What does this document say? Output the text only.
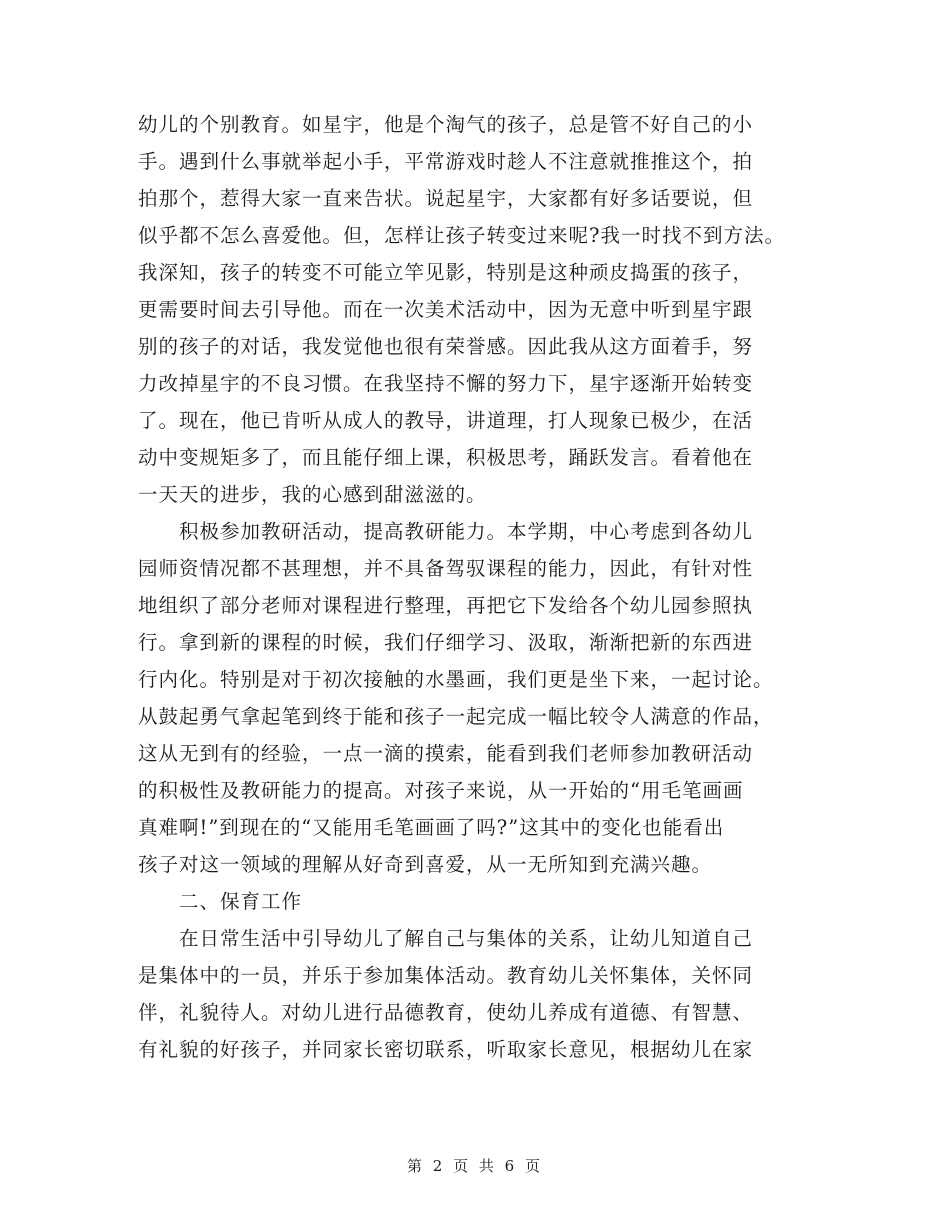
幼儿的个别教育。如星宇，他是个淘气的孩子，总是管不好自己的小
手。遇到什么事就举起小手，平常游戏时趁人不注意就推推这个，拍
拍那个，惹得大家一直来告状。说起星宇，大家都有好多话要说，但
似乎都不怎么喜爱他。但，怎样让孩子转变过来呢?我一时找不到方法。
我深知，孩子的转变不可能立竿见影，特别是这种顽皮捣蛋的孩子，
更需要时间去引导他。而在一次美术活动中，因为无意中听到星宇跟
别的孩子的对话，我发觉他也很有荣誉感。因此我从这方面着手，努
力改掉星宇的不良习惯。在我坚持不懈的努力下，星宇逐渐开始转变
了。现在，他已肯听从成人的教导，讲道理，打人现象已极少，在活
动中变规矩多了，而且能仔细上课，积极思考，踊跃发言。看着他在
一天天的进步，我的心感到甜滋滋的。
　　积极参加教研活动，提高教研能力。本学期，中心考虑到各幼儿
园师资情况都不甚理想，并不具备驾驭课程的能力，因此，有针对性
地组织了部分老师对课程进行整理，再把它下发给各个幼儿园参照执
行。拿到新的课程的时候，我们仔细学习、汲取，渐渐把新的东西进
行内化。特别是对于初次接触的水墨画，我们更是坐下来，一起讨论。
从鼓起勇气拿起笔到终于能和孩子一起完成一幅比较令人满意的作品，
这从无到有的经验，一点一滴的摸索，能看到我们老师参加教研活动
的积极性及教研能力的提高。对孩子来说，从一开始的“用毛笔画画
真难啊!”到现在的“又能用毛笔画画了吗?”这其中的变化也能看出
孩子对这一领域的理解从好奇到喜爱，从一无所知到充满兴趣。
　　二、保育工作
　　在日常生活中引导幼儿了解自己与集体的关系，让幼儿知道自己
是集体中的一员，并乐于参加集体活动。教育幼儿关怀集体，关怀同
伴，礼貌待人。对幼儿进行品德教育，使幼儿养成有道德、有智慧、
有礼貌的好孩子，并同家长密切联系，听取家长意见，根据幼儿在家
第 2 页 共 6 页
